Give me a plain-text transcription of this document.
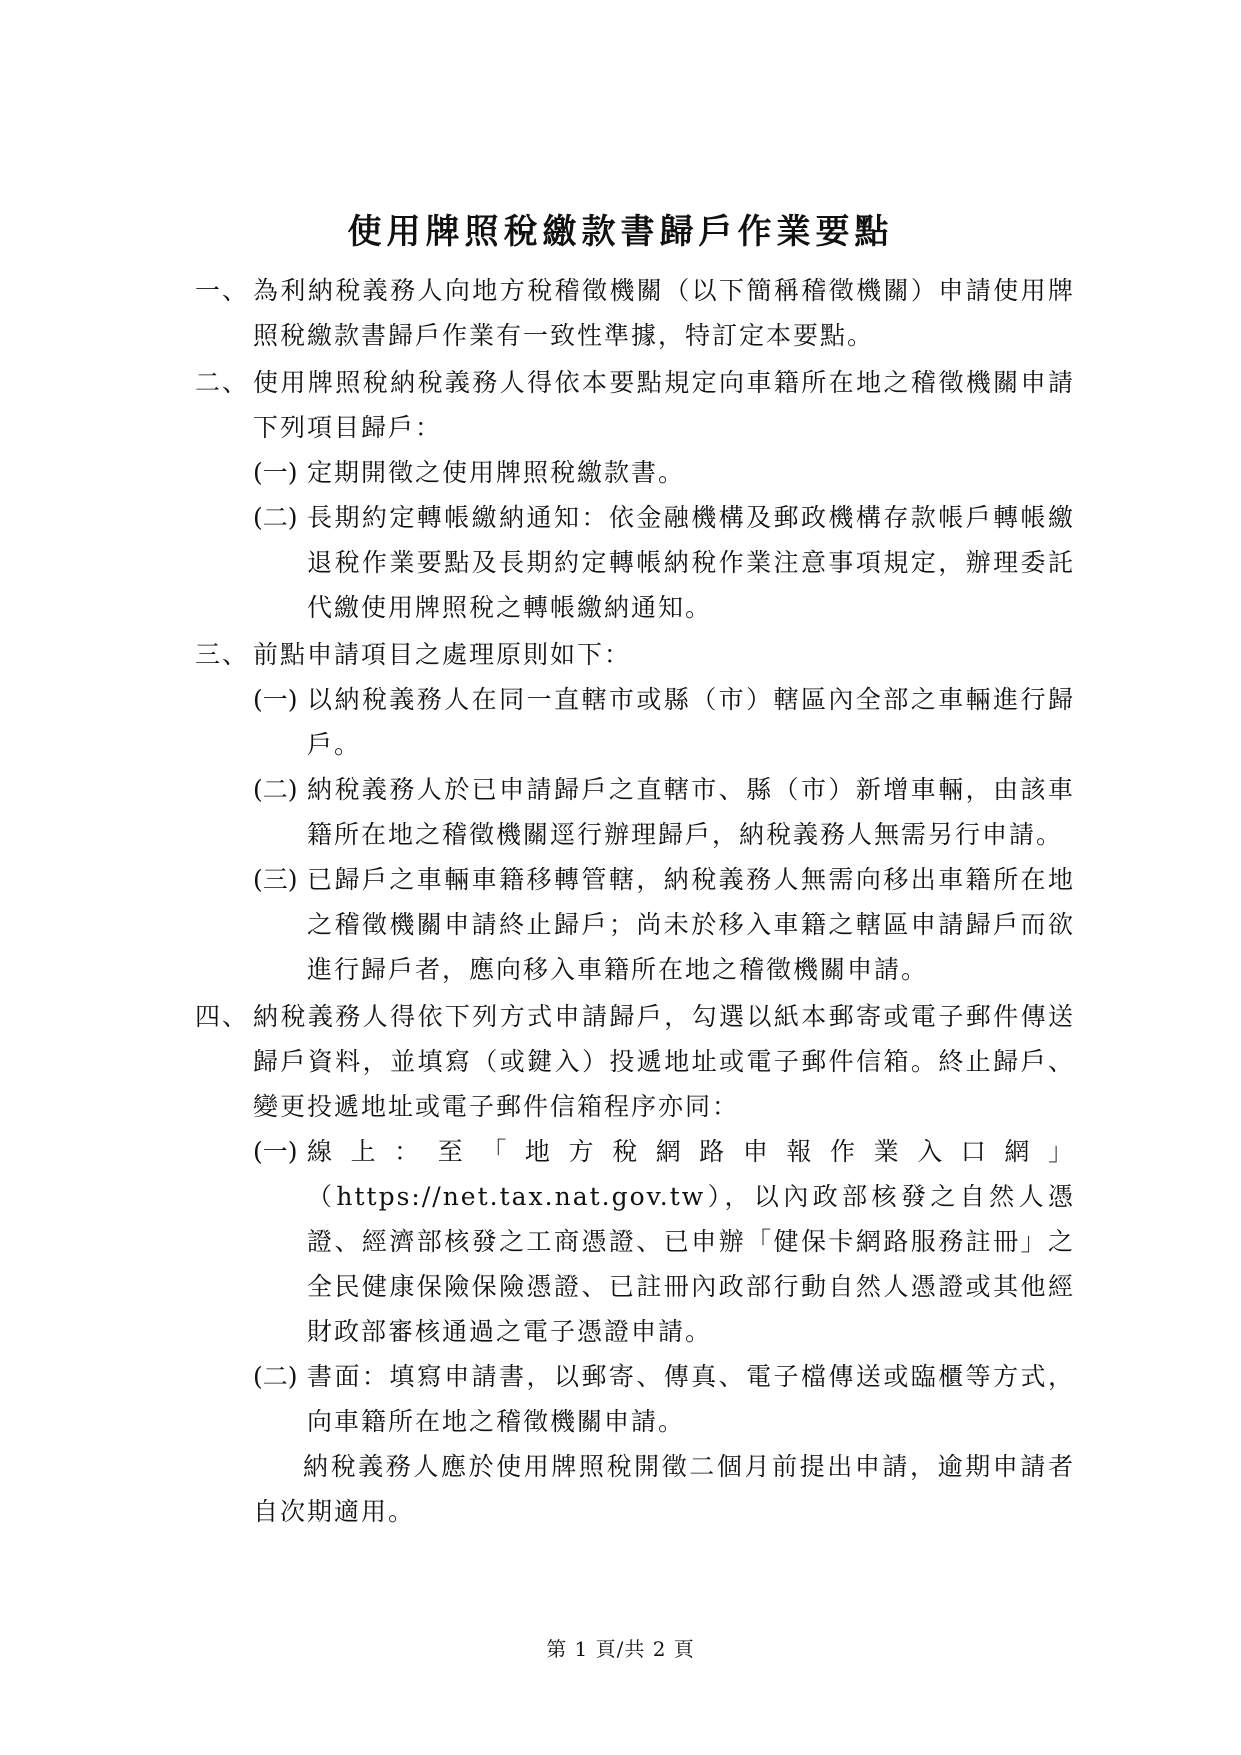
使用牌照稅繳款書歸戶作業要點
一、 為利納稅義務人向地方稅稽徵機關（以下簡稱稽徵機關）申請使用牌照稅繳款書歸戶作業有一致性準據，特訂定本要點。
二、 使用牌照稅納稅義務人得依本要點規定向車籍所在地之稽徵機關申請下列項目歸戶：
(一) 定期開徵之使用牌照稅繳款書。
(二) 長期約定轉帳繳納通知：依金融機構及郵政機構存款帳戶轉帳繳退稅作業要點及長期約定轉帳納稅作業注意事項規定，辦理委託代繳使用牌照稅之轉帳繳納通知。
三、 前點申請項目之處理原則如下：
(一) 以納稅義務人在同一直轄市或縣（市）轄區內全部之車輛進行歸戶。
(二) 納稅義務人於已申請歸戶之直轄市、縣（市）新增車輛，由該車籍所在地之稽徵機關逕行辦理歸戶，納稅義務人無需另行申請。
(三) 已歸戶之車輛車籍移轉管轄，納稅義務人無需向移出車籍所在地之稽徵機關申請終止歸戶；尚未於移入車籍之轄區申請歸戶而欲進行歸戶者，應向移入車籍所在地之稽徵機關申請。
四、 納稅義務人得依下列方式申請歸戶，勾選以紙本郵寄或電子郵件傳送歸戶資料，並填寫（或鍵入）投遞地址或電子郵件信箱。終止歸戶、變更投遞地址或電子郵件信箱程序亦同：
(一) 線上：至「地方稅網路申報作業入口網」（https://net.tax.nat.gov.tw），以內政部核發之自然人憑證、經濟部核發之工商憑證、已申辦「健保卡網路服務註冊」之全民健康保險保險憑證、已註冊內政部行動自然人憑證或其他經財政部審核通過之電子憑證申請。
(二) 書面：填寫申請書，以郵寄、傳真、電子檔傳送或臨櫃等方式，向車籍所在地之稽徵機關申請。
納稅義務人應於使用牌照稅開徵二個月前提出申請，逾期申請者自次期適用。
第 1 頁/共 2 頁
